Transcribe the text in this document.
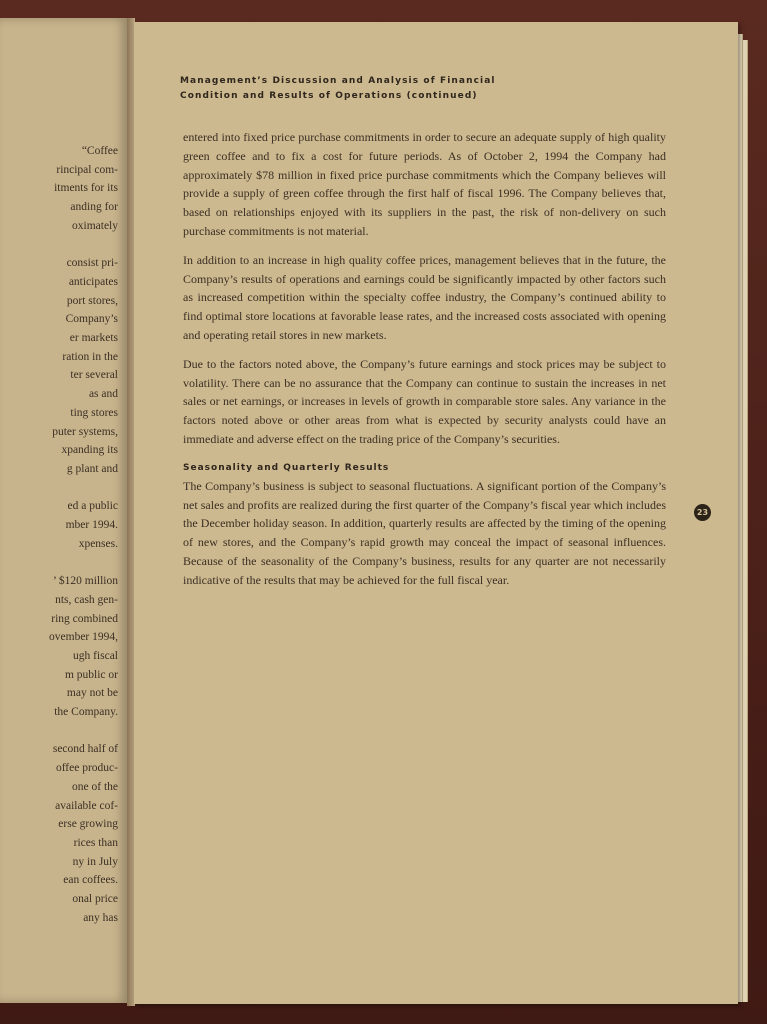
“Coffee
rincipal com-
itments for its
anding for
oximately
consist pri-
anticipates
port stores,
Company’s
er markets
ration in the
ter several
as and
ting stores
puter systems,
xpanding its
g plant and
ed a public
mber 1994.
xpenses.
’ $120 million
nts, cash gen-
ring combined
ovember 1994,
ugh fiscal
m public or
may not be
the Company.
second half of
offee produc-
one of the
available cof-
erse growing
rices than
ny in July
ean coffees.
onal price
any has
Management’s Discussion and Analysis of Financial
Condition and Results of Operations (continued)

entered into fixed price purchase commitments in order to secure an adequate supply of high quality green coffee and to fix a cost for future periods. As of October 2, 1994 the Company had approximately $78 million in fixed price purchase commitments which the Company believes will provide a supply of green coffee through the first half of fiscal 1996. The Company believes that, based on relationships enjoyed with its suppliers in the past, the risk of non-delivery on such purchase commitments is not material.

In addition to an increase in high quality coffee prices, management believes that in the future, the Company’s results of operations and earnings could be significantly impacted by other factors such as increased competition within the specialty coffee industry, the Company’s continued ability to find optimal store locations at favorable lease rates, and the increased costs associated with opening and operating retail stores in new markets.

Due to the factors noted above, the Company’s future earnings and stock prices may be subject to volatility. There can be no assurance that the Company can continue to sustain the increases in net sales or net earnings, or increases in levels of growth in comparable store sales. Any variance in the factors noted above or other areas from what is expected by security analysts could have an immediate and adverse effect on the trading price of the Company’s securities.

Seasonality and Quarterly Results

The Company’s business is subject to seasonal fluctuations. A significant portion of the Company’s net sales and profits are realized during the first quarter of the Company’s fiscal year which includes the December holiday season. In addition, quarterly results are affected by the timing of the opening of new stores, and the Company’s rapid growth may conceal the impact of seasonal influences. Because of the seasonality of the Company’s business, results for any quarter are not necessarily indicative of the results that may be achieved for the full fiscal year.

23
